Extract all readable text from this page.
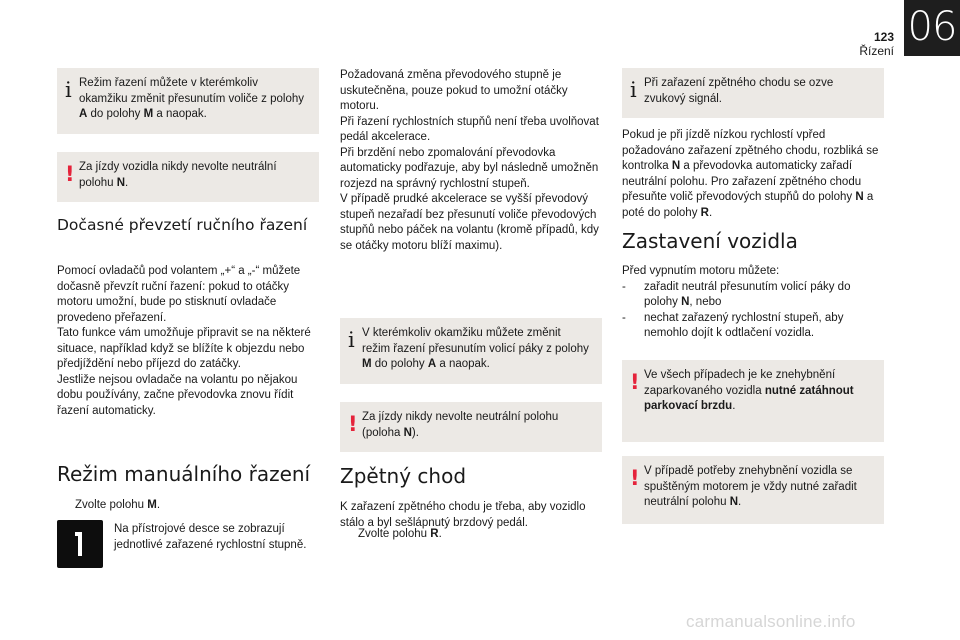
123
Řízení
06
i Režim řazení můžete v kterémkoliv okamžiku změnit přesunutím voliče z polohy A do polohy M a naopak.
! Za jízdy vozidla nikdy nevolte neutrální polohu N.
Dočasné převzetí ručního řazení

Pomocí ovladačů pod volantem „+“ a „-“ můžete dočasně převzít ruční řazení: pokud to otáčky motoru umožní, bude po stisknutí ovladače provedeno přeřazení.

Tato funkce vám umožňuje připravit se na některé situace, například když se blížíte k objezdu nebo předjíždění nebo příjezd do zatáčky.

Jestliže nejsou ovladače na volantu po nějakou dobu používány, začne převodovka znovu řídit řazení automaticky.

Režim manuálního řazení
Zvolte polohu M.

Na přístrojové desce se zobrazují jednotlivé zařazené rychlostní stupně.

Požadovaná změna převodového stupně je uskutečněna, pouze pokud to umožní otáčky motoru.

Při řazení rychlostních stupňů není třeba uvolňovat pedál akcelerace.

Při brzdění nebo zpomalování převodovka automaticky podřazuje, aby byl následně umožněn rozjezd na správný rychlostní stupeň.

V případě prudké akcelerace se vyšší převodový stupeň nezařadí bez přesunutí voliče převodových stupňů nebo páček na volantu (kromě případů, kdy se otáčky motoru blíží maximu).

i V kterémkoliv okamžiku můžete změnit režim řazení přesunutím volicí páky z polohy M do polohy A a naopak.
! Za jízdy nikdy nevolte neutrální polohu (poloha N).
Zpětný chod

K zařazení zpětného chodu je třeba, aby vozidlo stálo a byl sešlápnutý brzdový pedál.

Zvolte polohu R.
i Při zařazení zpětného chodu se ozve zvukový signál.

Pokud je při jízdě nízkou rychlostí vpřed požadováno zařazení zpětného chodu, rozbliká se kontrolka N a převodovka automaticky zařadí neutrální polohu. Pro zařazení zpětného chodu přesuňte volič převodových stupňů do polohy N a poté do polohy R.

Zastavení vozidla

Před vypnutím motoru můžete:

- zařadit neutrál přesunutím volicí páky do polohy N, nebo

- nechat zařazený rychlostní stupeň, aby nemohlo dojít k odtlačení vozidla.

! Ve všech případech je ke znehybnění zaparkovaného vozidla nutné zatáhnout parkovací brzdu.
! V případě potřeby znehybnění vozidla se spuštěným motorem je vždy nutné zařadit neutrální polohu N.
carmanualsonline.info
